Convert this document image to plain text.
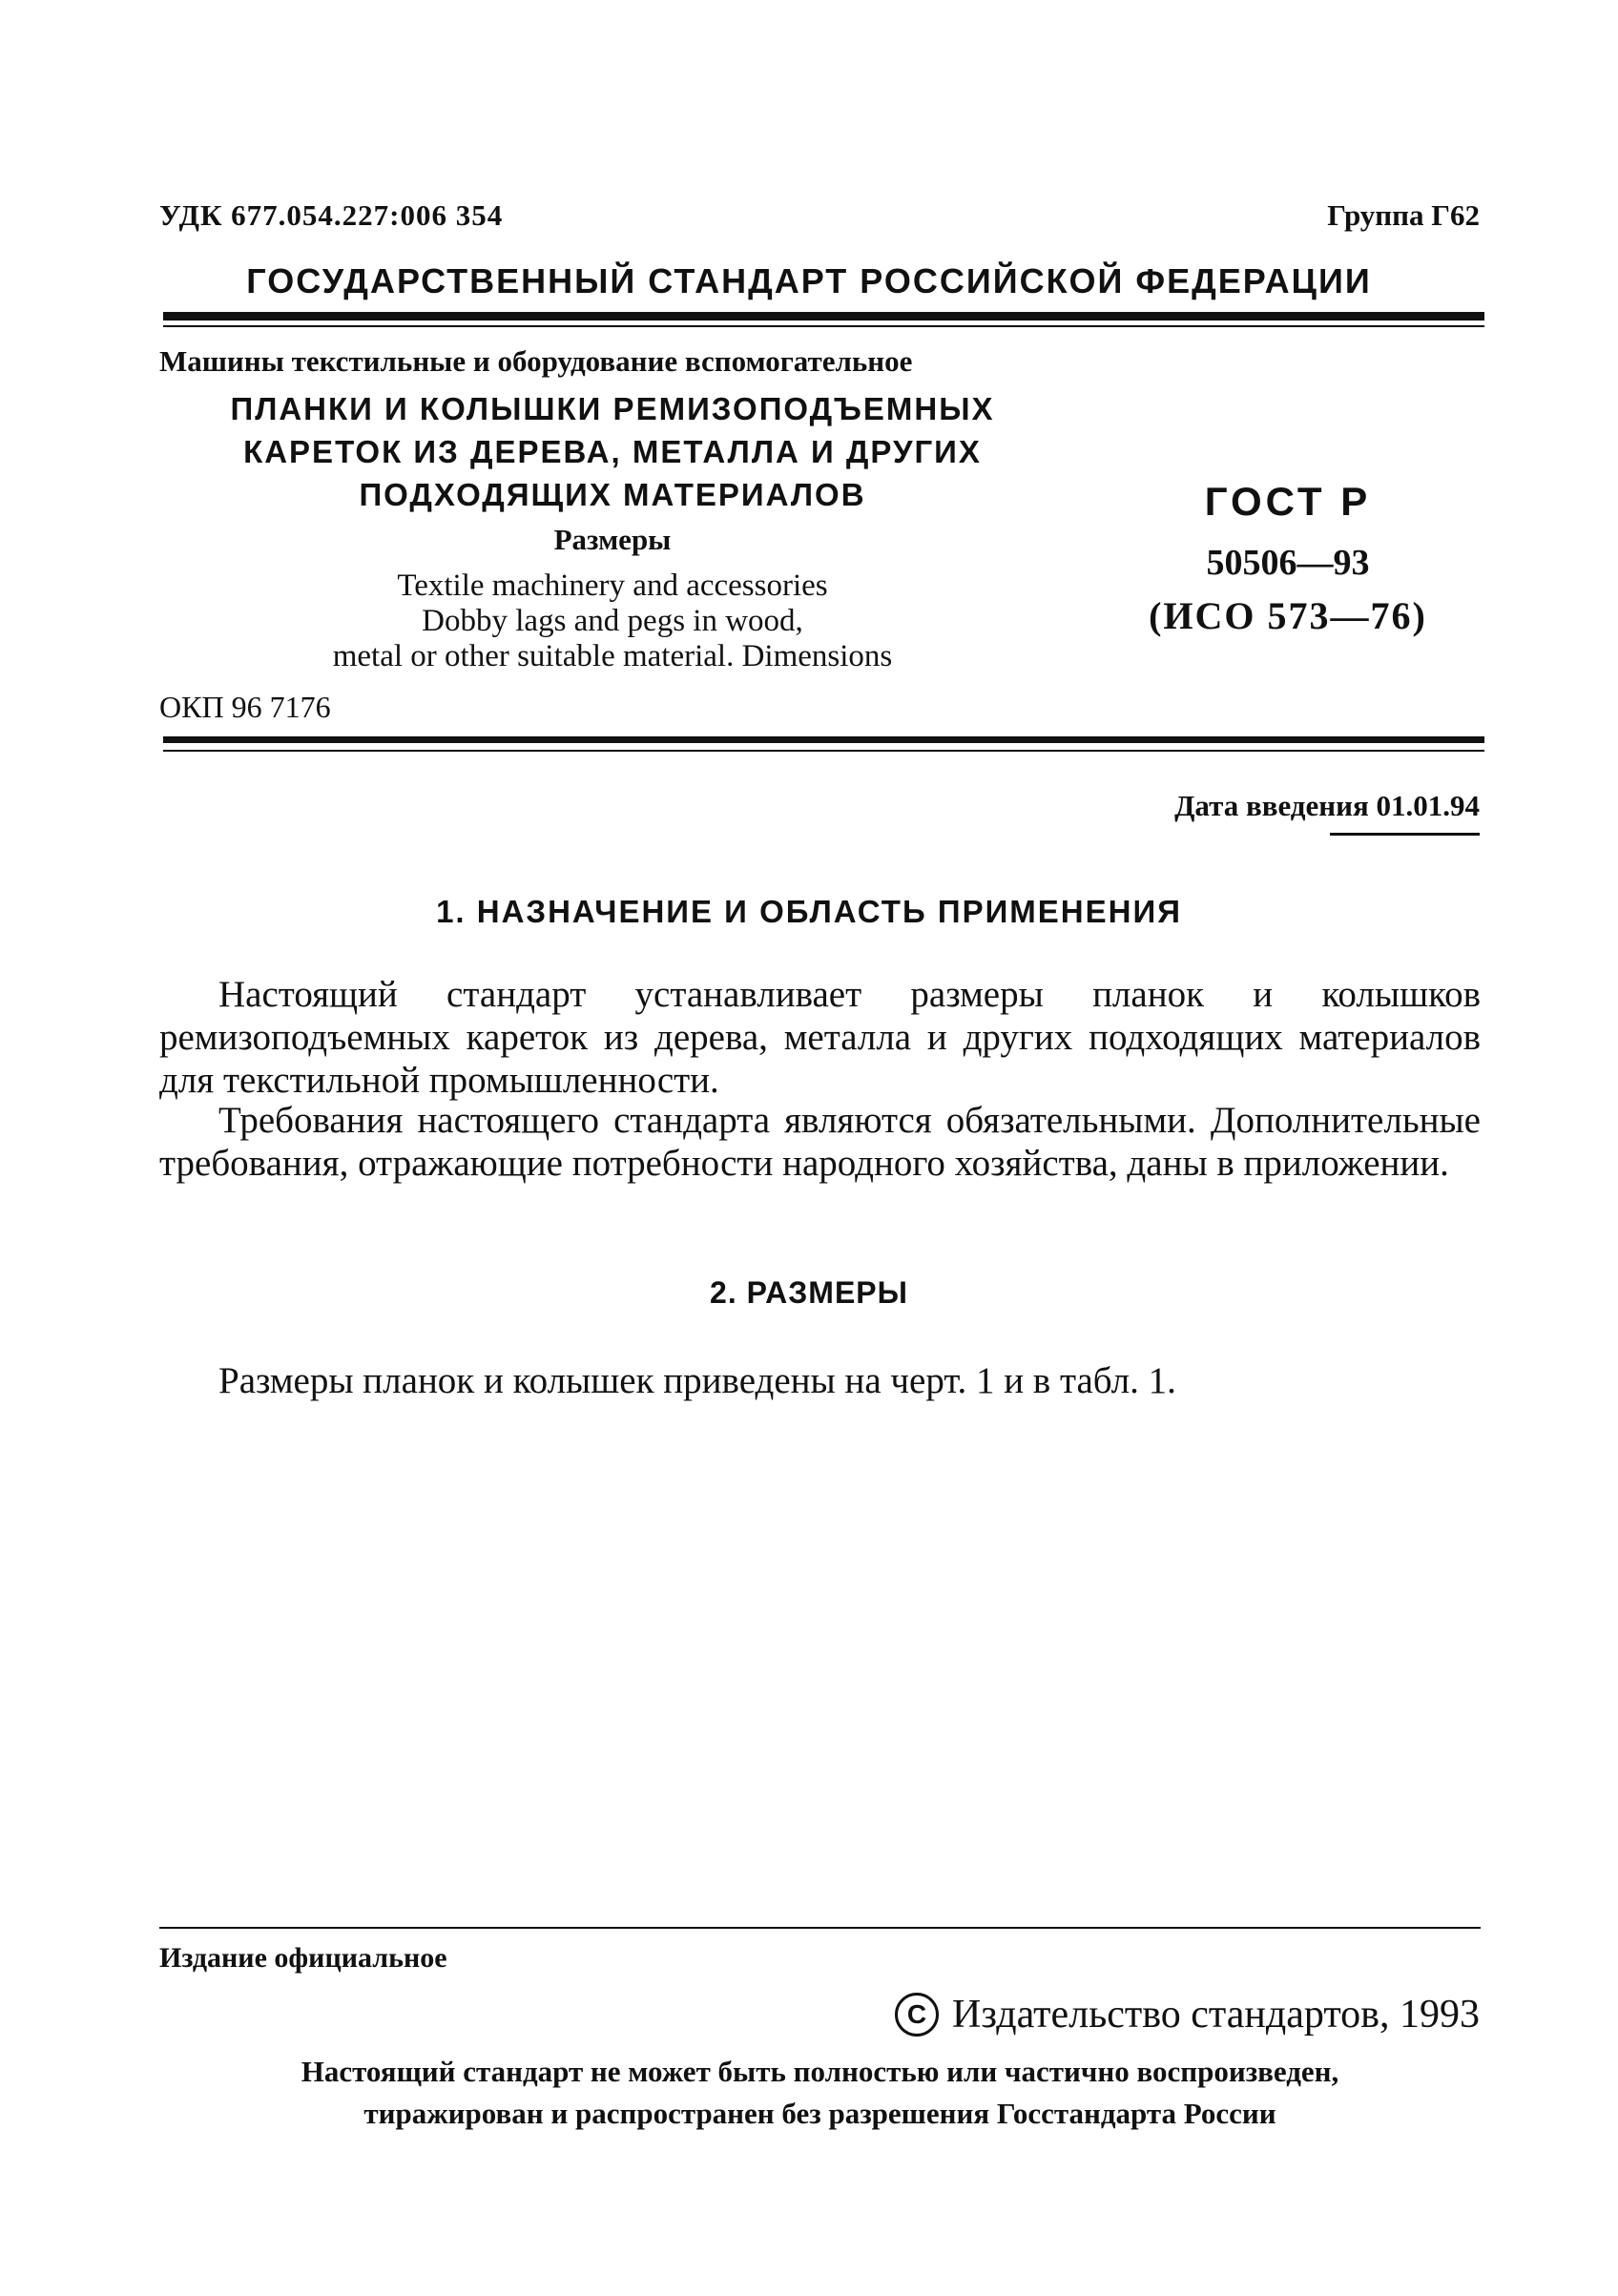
УДК 677.054.227:006 354	Группа Г62
ГОСУДАРСТВЕННЫЙ СТАНДАРТ РОССИЙСКОЙ ФЕДЕРАЦИИ
Машины текстильные и оборудование вспомогательное
ПЛАНКИ И КОЛЫШКИ РЕМИЗОПОДЪЕМНЫХ
КАРЕТОК ИЗ ДЕРЕВА, МЕТАЛЛА И ДРУГИХ
ПОДХОДЯЩИХ МАТЕРИАЛОВ
Размеры
Textile machinery and accessories
Dobby lags and pegs in wood,
metal or other suitable material. Dimensions
ОКП 96 7176
ГОСТ Р
50506—93
(ИСО 573—76)
Дата введения 01.01.94
1. НАЗНАЧЕНИЕ И ОБЛАСТЬ ПРИМЕНЕНИЯ
Настоящий стандарт устанавливает размеры планок и колышков ремизоподъемных кареток из дерева, металла и других подходящих материалов для текстильной промышленности.
Требования настоящего стандарта являются обязательными. Дополнительные требования, отражающие потребности народного хозяйства, даны в приложении.
2. РАЗМЕРЫ
Размеры планок и колышек приведены на черт. 1 и в табл. 1.
Издание официальное
С Издательство стандартов, 1993
Настоящий стандарт не может быть полностью или частично воспроизведен,
тиражирован и распространен без разрешения Госстандарта России
